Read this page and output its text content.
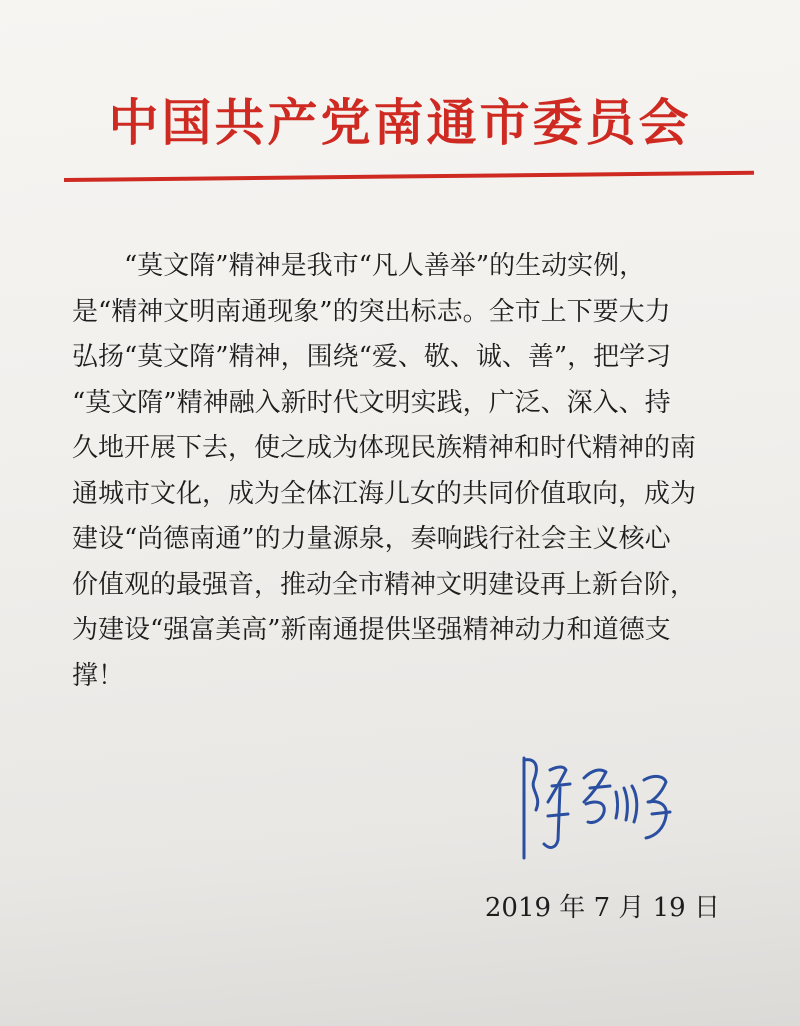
中国共产党南通市委员会
“莫文隋”精神是我市“凡人善举”的生动实例，
是“精神文明南通现象”的突出标志。全市上下要大力
弘扬“莫文隋”精神，围绕“爱、敬、诚、善”，把学习
“莫文隋”精神融入新时代文明实践，广泛、深入、持
久地开展下去，使之成为体现民族精神和时代精神的南
通城市文化，成为全体江海儿女的共同价值取向，成为
建设“尚德南通”的力量源泉，奏响践行社会主义核心
价值观的最强音，推动全市精神文明建设再上新台阶，
为建设“强富美高”新南通提供坚强精神动力和道德支
撑！
2019 年 7 月 19 日
